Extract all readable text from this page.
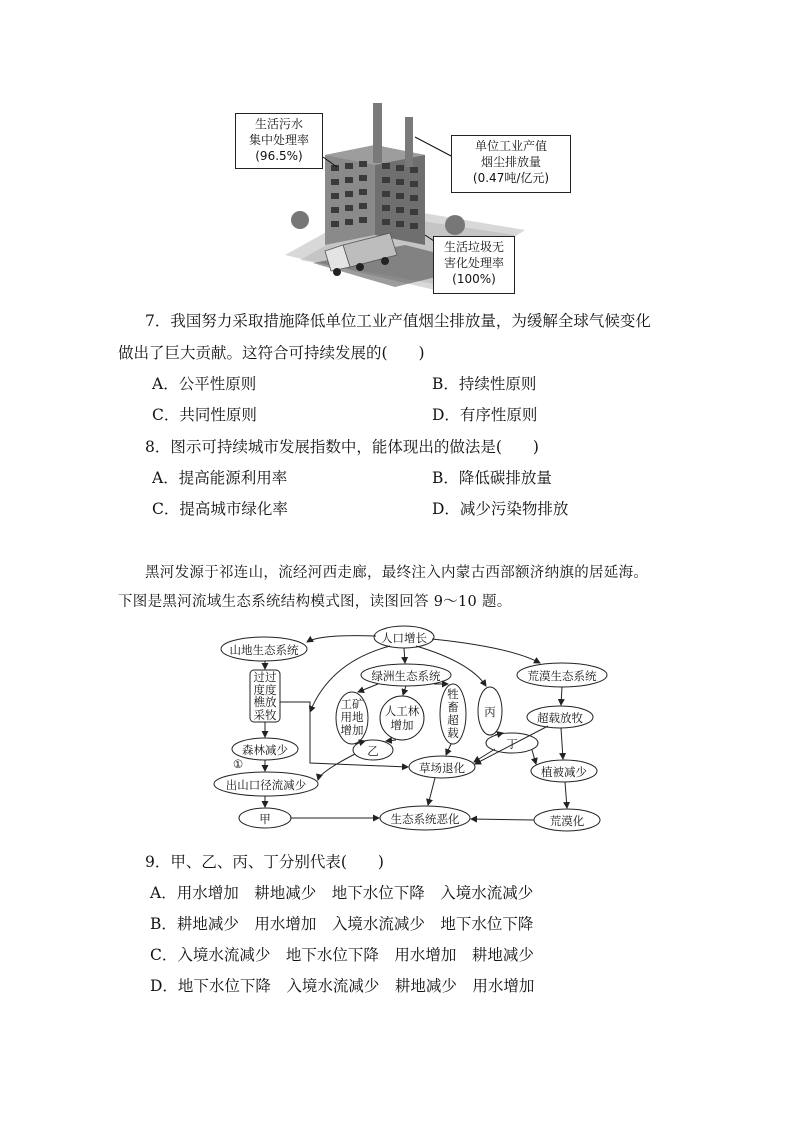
生活污水
集中处理率
(96.5%)
单位工业产值
烟尘排放量
(0.47吨/亿元)
生活垃圾无
害化处理率
(100%)
7．我国努力采取措施降低单位工业产值烟尘排放量，为缓解全球气候变化
做出了巨大贡献。这符合可持续发展的(　　)
A．公平性原则	B．持续性原则
C．共同性原则	D．有序性原则
8．图示可持续城市发展指数中，能体现出的做法是(　　)
A．提高能源利用率	B．降低碳排放量
C．提高城市绿化率	D．减少污染物排放
黑河发源于祁连山，流经河西走廊，最终注入内蒙古西部额济纳旗的居延海。
下图是黑河流域生态系统结构模式图，读图回答 9～10 题。
人口增长
山地生态系统
绿洲生态系统	荒漠生态系统
过过
度度
樵放
采牧
工矿
用地
增加
人工林
增加
牲
畜
超
载
丙
丁
乙
甲
超载放牧
森林减少
①
出山口径流减少
草场退化	植被减少
生态系统恶化	荒漠化
9．甲、乙、丙、丁分别代表(　　)
A．用水增加　耕地减少　地下水位下降　入境水流减少
B．耕地减少　用水增加　入境水流减少　地下水位下降
C．入境水流减少　地下水位下降　用水增加　耕地减少
D．地下水位下降　入境水流减少　耕地减少　用水增加
